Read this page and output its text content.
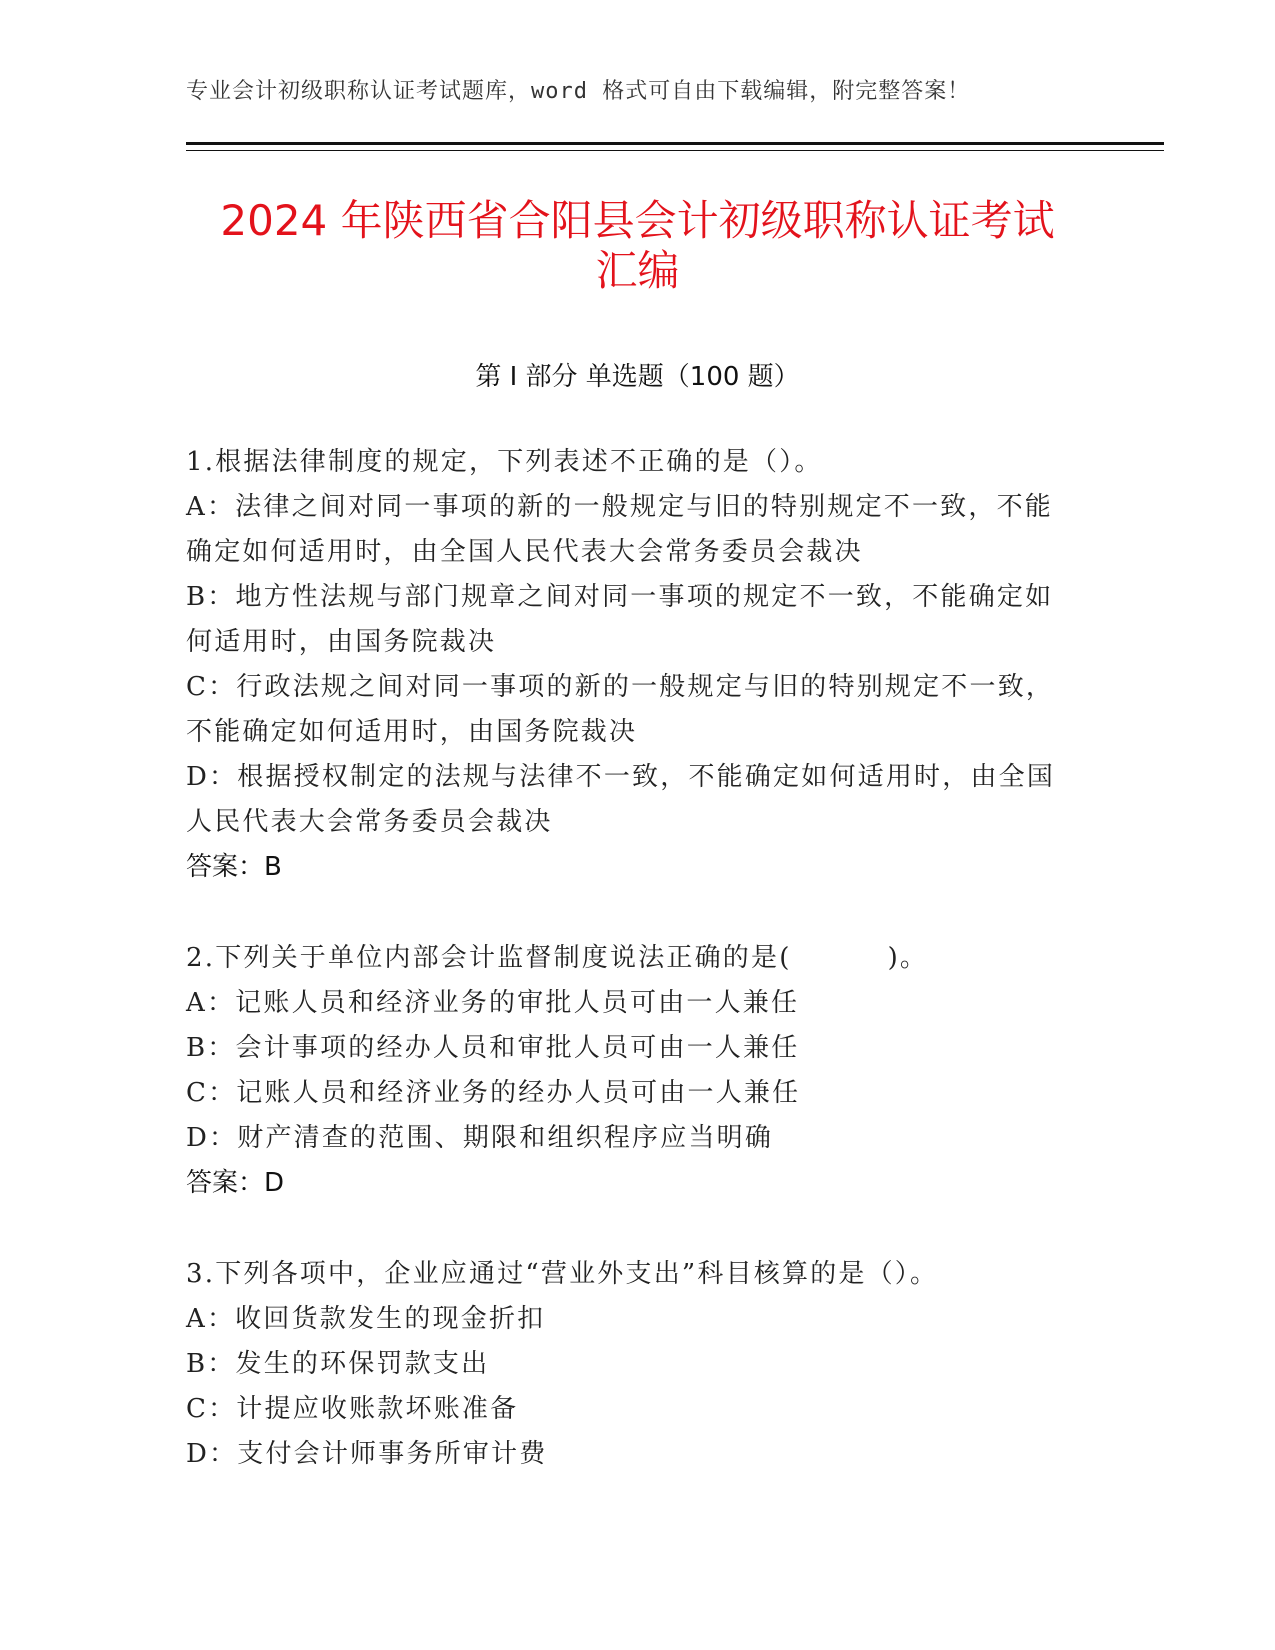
专业会计初级职称认证考试题库，word 格式可自由下载编辑，附完整答案！
2024 年陕西省合阳县会计初级职称认证考试
汇编
第 I 部分 单选题（100 题）
1.根据法律制度的规定，下列表述不正确的是（）。
A：法律之间对同一事项的新的一般规定与旧的特别规定不一致，不能
确定如何适用时，由全国人民代表大会常务委员会裁决
B：地方性法规与部门规章之间对同一事项的规定不一致，不能确定如
何适用时，由国务院裁决
C：行政法规之间对同一事项的新的一般规定与旧的特别规定不一致，
不能确定如何适用时，由国务院裁决
D：根据授权制定的法规与法律不一致，不能确定如何适用时，由全国
人民代表大会常务委员会裁决
答案：B
2.下列关于单位内部会计监督制度说法正确的是(	)。
A：记账人员和经济业务的审批人员可由一人兼任
B：会计事项的经办人员和审批人员可由一人兼任
C：记账人员和经济业务的经办人员可由一人兼任
D：财产清查的范围、期限和组织程序应当明确
答案：D
3.下列各项中，企业应通过“营业外支出”科目核算的是（）。
A：收回货款发生的现金折扣
B：发生的环保罚款支出
C：计提应收账款坏账准备
D：支付会计师事务所审计费
